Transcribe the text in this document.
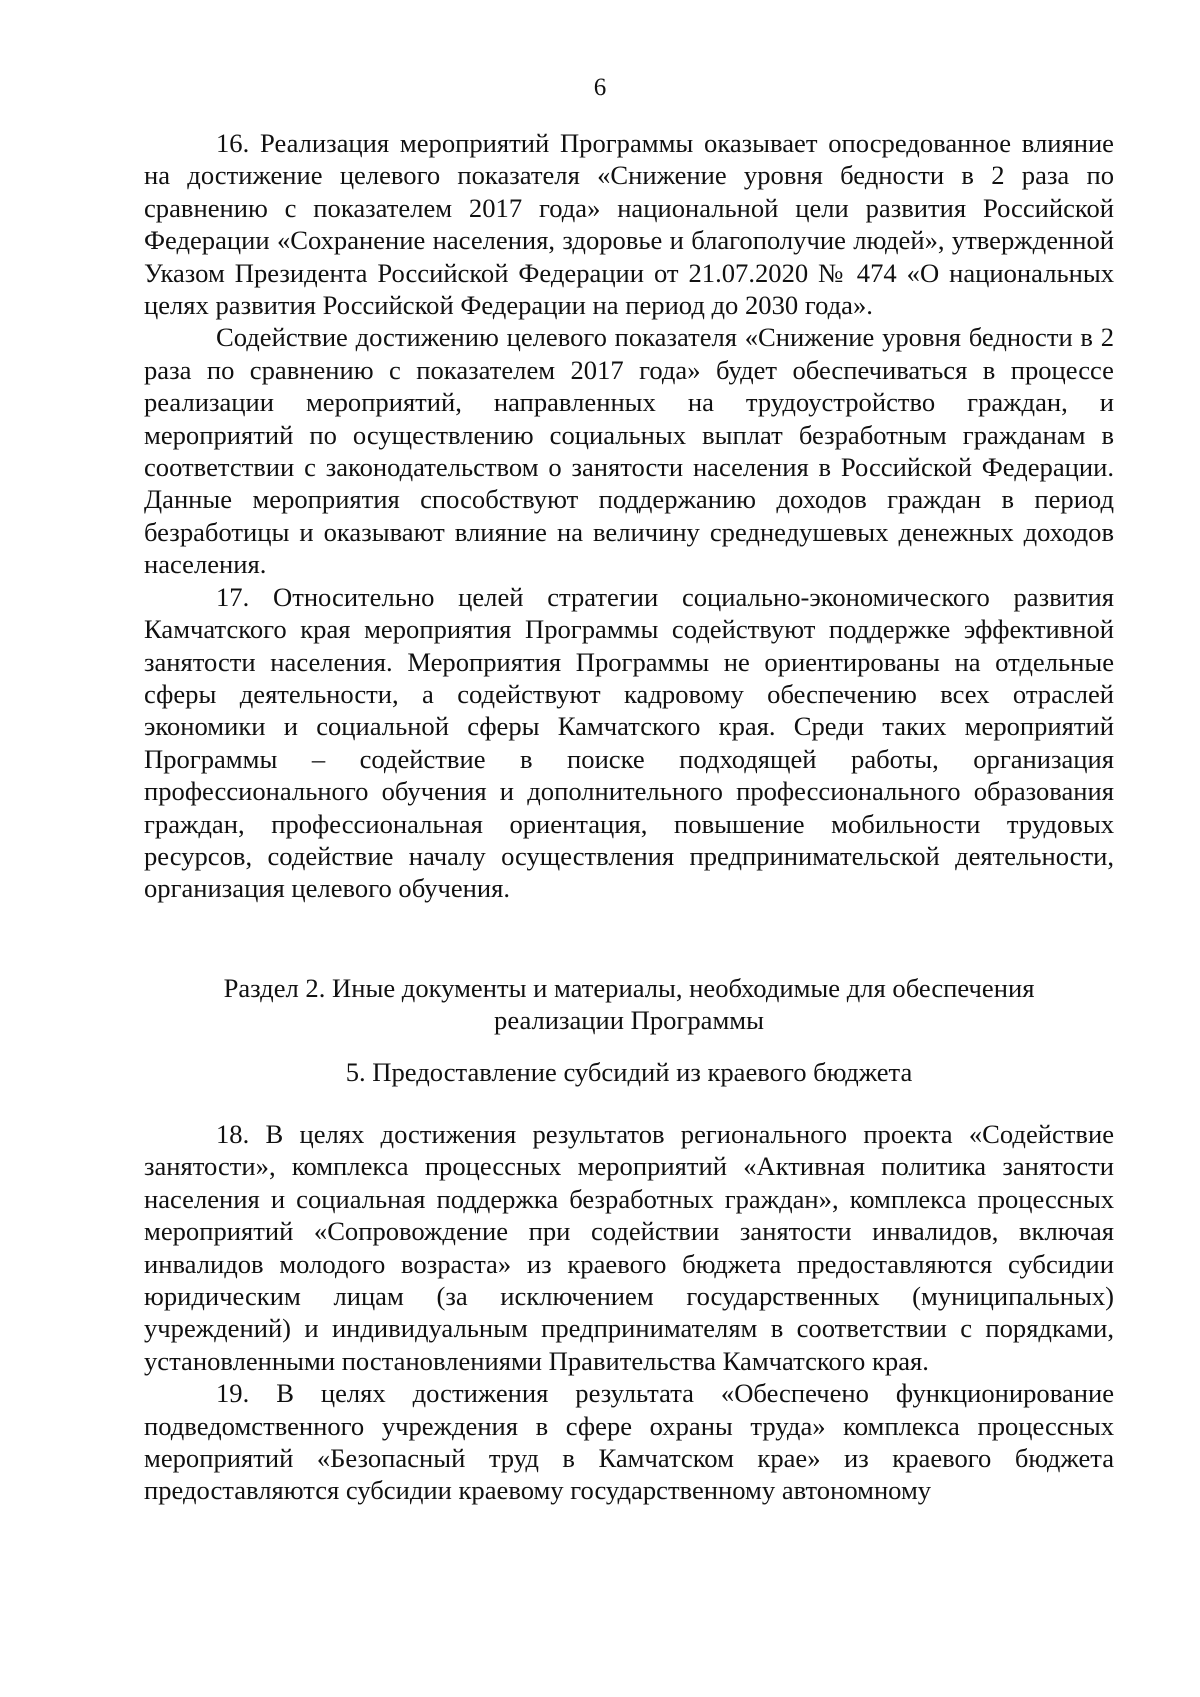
6

16. Реализация мероприятий Программы оказывает опосредованное влияние на достижение целевого показателя «Снижение уровня бедности в 2 раза по сравнению с показателем 2017 года» национальной цели развития Российской Федерации «Сохранение населения, здоровье и благополучие людей», утвержденной Указом Президента Российской Федерации от 21.07.2020 № 474 «О национальных целях развития Российской Федерации на период до 2030 года».

Содействие достижению целевого показателя «Снижение уровня бедности в 2 раза по сравнению с показателем 2017 года» будет обеспечиваться в процессе реализации мероприятий, направленных на трудоустройство граждан, и мероприятий по осуществлению социальных выплат безработным гражданам в соответствии с законодательством о занятости населения в Российской Федерации. Данные мероприятия способствуют поддержанию доходов граждан в период безработицы и оказывают влияние на величину среднедушевых денежных доходов населения.

17. Относительно целей стратегии социально-экономического развития Камчатского края мероприятия Программы содействуют поддержке эффективной занятости населения. Мероприятия Программы не ориентированы на отдельные сферы деятельности, а содействуют кадровому обеспечению всех отраслей экономики и социальной сферы Камчатского края. Среди таких мероприятий Программы – содействие в поиске подходящей работы, организация профессионального обучения и дополнительного профессионального образования граждан, профессиональная ориентация, повышение мобильности трудовых ресурсов, содействие началу осуществления предпринимательской деятельности, организация целевого обучения.

Раздел 2. Иные документы и материалы, необходимые для обеспечения

реализации Программы

5. Предоставление субсидий из краевого бюджета

18. В целях достижения результатов регионального проекта «Содействие занятости», комплекса процессных мероприятий «Активная политика занятости населения и социальная поддержка безработных граждан», комплекса процессных мероприятий «Сопровождение при содействии занятости инвалидов, включая инвалидов молодого возраста» из краевого бюджета предоставляются субсидии юридическим лицам (за исключением государственных (муниципальных) учреждений) и индивидуальным предпринимателям в соответствии с порядками, установленными постановлениями Правительства Камчатского края.

19. В целях достижения результата «Обеспечено функционирование подведомственного учреждения в сфере охраны труда» комплекса процессных мероприятий «Безопасный труд в Камчатском крае» из краевого бюджета предоставляются субсидии краевому государственному автономному
